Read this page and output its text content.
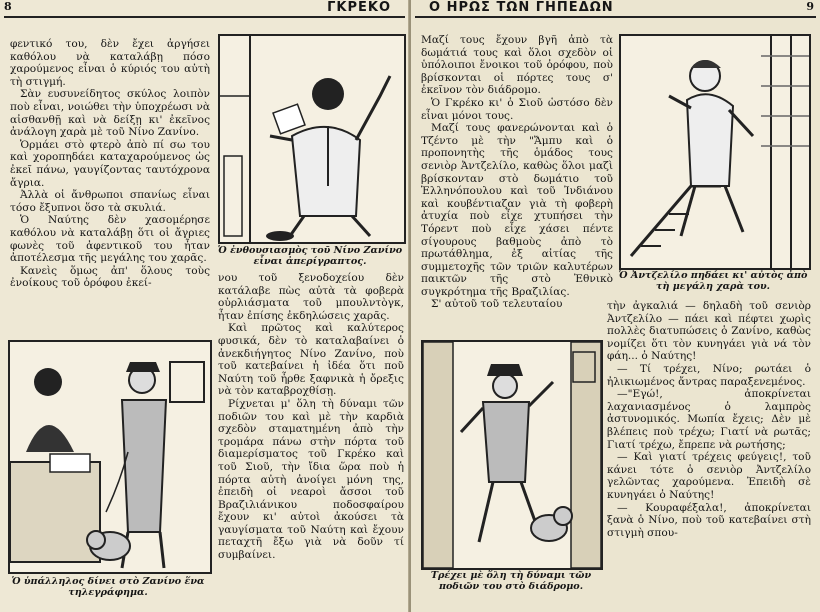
8	ΓΚΡΕΚΟ

φεντικό του, δὲν ἔχει ἀργήσει καθόλου νὰ καταλάβῃ πόσο χαρούμενος εἶναι ὁ κύριός του αὐτὴ τὴ στιγμή.

Σὰν ευσυνείδητος σκύλος λοιπὸν ποὺ εἶναι, νοιώθει τὴν ὑποχρέωσι νὰ αἰσθανθῇ καὶ νὰ δείξῃ κι' ἐκεῖνος ἀνάλογη χαρὰ μὲ τοῦ Νίνο Ζανίνο.

Ὁρμάει στὸ φτερὸ ἀπὸ πί σω του καὶ χοροπηδάει καταχαρούμενος ὡς ἐκεῖ πάνω, γαυγίζοντας ταυτόχρονα ἄγρια.

Ἀλλὰ οἱ ἄνθρωποι σπανίως εἶναι τόσο ἔξυπνοι ὅσο τὰ σκυλιά.

Ὁ Ναύτης δὲν χασομέρησε καθόλου νὰ καταλάβῃ ὅτι οἱ ἄγριες φωνὲς τοῦ ἀφεντικοῦ του ἦταν ἀποτέλεσμα τῆς μεγάλης του χαρᾶς.

Κανεὶς ὅμως ἀπ' ὅλους τοὺς ἐνοίκους τοῦ ὀρόφου ἐκεί-

Ὁ ἐνθουσιασμὸς τοῦ Νίνο Ζανίνο εἶναι ἀπερίγραπτος.
Ὁ ὑπάλληλος δίνει στὸ Ζανίνο ἕνα τηλεγράφημα.

νου τοῦ ξενοδοχείου δὲν κατάλαβε πὼς αὐτὰ τὰ φοβερὰ οὐρλιάσματα τοῦ μπουλντὸγκ, ἦταν ἐπίσης ἐκδηλώσεις χαρᾶς.

Καὶ πρῶτος καὶ καλύτερος φυσικά, δὲν τὸ καταλαβαίνει ὁ ἀνεκδιήγητος Νίνο Ζανίνο, ποὺ τοῦ κατεβαίνει ἡ ἰδέα ὅτι ποῦ Ναύτη τοῦ ἦρθε ξαφνικὰ ἡ ὄρεξις νὰ τὸν καταβροχθίσῃ.

Ρίχνεται μ' ὅλη τὴ δύναμι τῶν ποδιῶν του καὶ μὲ τὴν καρδιὰ σχεδὸν σταματημένη ἀπὸ τὴν τρομάρα πάνω στὴν πόρτα τοῦ διαμερίσματος τοῦ Γκρέκο καὶ τοῦ Σιοῦ, τὴν ἴδια ὥρα ποὺ ἡ πόρτα αὐτὴ ἀνοίγει μόνη της, ἐπειδὴ οἱ νεαροὶ ἄσσοι τοῦ Βραζιλιάνικου ποδοσφαίρου ἔχουν κι' αὐτοὶ ἀκούσει τὰ γαυγίσματα τοῦ Ναύτη καὶ ἔχουν πεταχτῆ ἔξω γιὰ νὰ δοῦν τί συμβαίνει.

9
Ο ΗΡΩΣ ΤΩΝ ΓΗΠΕΔΩΝ

Μαζί τους ἔχουν βγῆ ἀπὸ τὰ δωμάτιά τους καὶ ὅλοι σχεδὸν οἱ ὑπόλοιποι ἔνοικοι τοῦ ὀρόφου, ποὺ βρίσκονται οἱ πόρτες τους σ' ἐκεῖνον τὸν διάδρομο.

Ὁ Γκρέκο κι' ὁ Σιοῦ ὡστόσο δὲν εἶναι μόνοι τους.

Μαζί τους φανερώνονται καὶ ὁ Τζέντο μὲ τὴν "Ἄμπυ καὶ ὁ προπονητὴς τῆς ὁμάδος τους σενιὸρ Ἀντζελίλο, καθὼς ὅλοι μαζὶ βρίσκονταν στὸ δωμάτιο τοῦ Ἑλληνόπουλου καὶ τοῦ Ἰνδιάνου καὶ κουβέντιαζαν γιὰ τὴ φοβερὴ ἀτυχία ποὺ εἶχε χτυπήσει τὴν Τόρεντ ποὺ εἶχε χάσει πέντε σίγουρους βαθμοὺς ἀπὸ τὸ πρωτάθλημα, ἐξ αἰτίας τῆς συμμετοχῆς τῶν τριῶν καλυτέρων παικτῶν τῆς στὸ Ἐθνικὸ συγκρότημα τῆς Βραζιλίας.

Σ' αὐτοῦ τοῦ τελευταίου

Ὁ Ἀντζελίλο πηδάει κι' αὐτὸς ἀπὸ τὴ μεγάλη χαρὰ του.
Τρέχει μὲ ὅλη τὴ δύναμι τῶν ποδιῶν του στὸ διάδρομο.

τὴν ἀγκαλιά — δηλαδὴ τοῦ σενιὸρ Ἀντζελίλο — πάει καὶ πέφτει χωρὶς πολλὲς διατυπώσεις ὁ Ζανίνο, καθὼς νομίζει ὅτι τὸν κυνηγάει γιὰ νά τὸν φάη... ὁ Ναύτης!

— Τί τρέχει, Νίνο; ρωτάει ὁ ἠλικιωμένος ἄντρας παραξενεμένος.

—"Εγώ!, ἀποκρίνεται λαχανιασμένος ὁ λαμπρὸς ἀστυνομικός. Μωπία ἔχεις; Δὲν μὲ βλέπεις ποὺ τρέχω; Γιατί νὰ ρωτᾶς; Γιατί τρέχω, ἔπρεπε νὰ ρωτήσης;

— Καὶ γιατί τρέχεις φεύγεις!, τοῦ κάνει τότε ὁ σενιὸρ Ἀντζελίλο γελῶντας χαρούμενα. Ἐπειδὴ σὲ κυνηγάει ὁ Ναύτης!

— Κουραφέξαλα!, ἀποκρίνεται ξανὰ ὁ Νίνο, ποὺ τοῦ κατεβαίνει στὴ στιγμὴ σπου-
